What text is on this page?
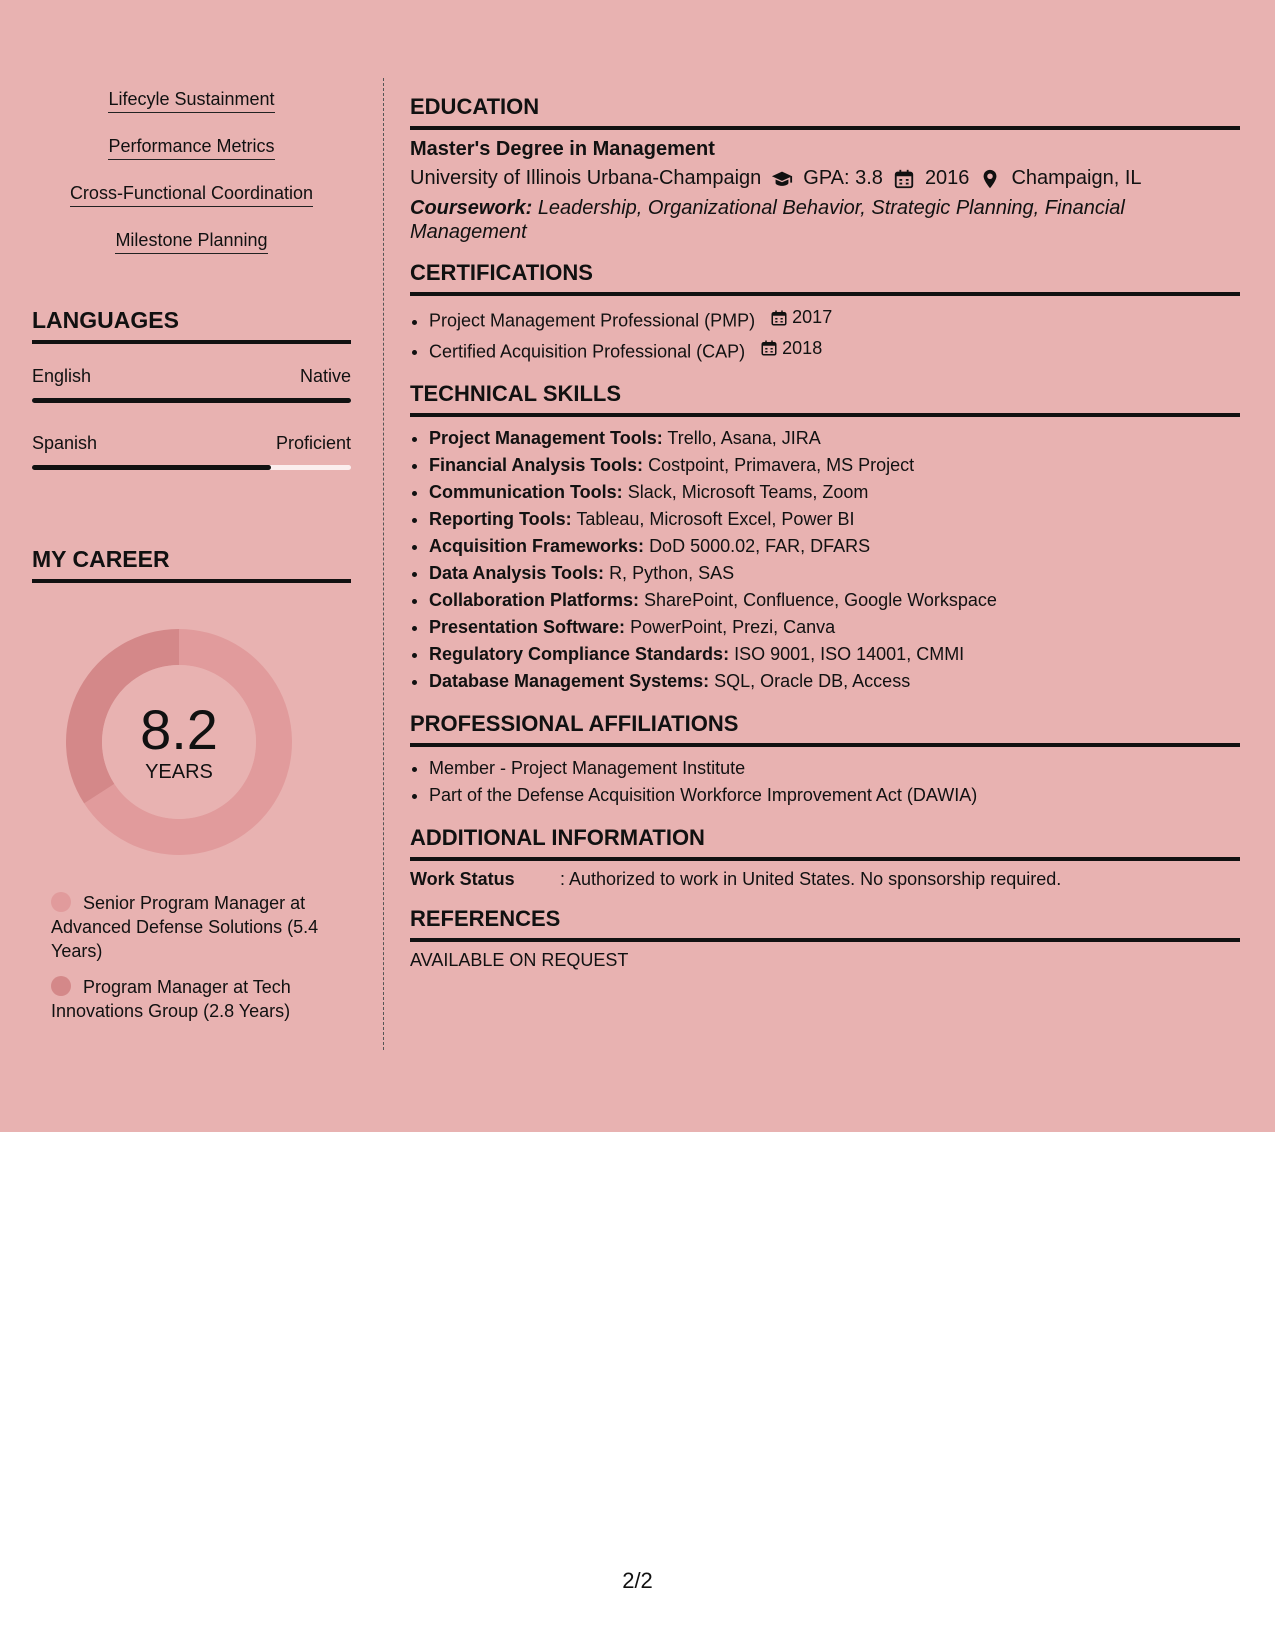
Lifecyle Sustainment
Performance Metrics
Cross-Functional Coordination
Milestone Planning
LANGUAGES
English	Native
Spanish	Proficient
MY CAREER
8.2
YEARS
Senior Program Manager at Advanced Defense Solutions (5.4 Years)
Program Manager at Tech Innovations Group (2.8 Years)
EDUCATION
Master's Degree in Management
University of Illinois Urbana-Champaign GPA: 3.8 2016 Champaign, IL
Coursework: Leadership, Organizational Behavior, Strategic Planning, Financial Management
CERTIFICATIONS
• Project Management Professional (PMP) 2017
• Certified Acquisition Professional (CAP) 2018
TECHNICAL SKILLS
• Project Management Tools: Trello, Asana, JIRA
• Financial Analysis Tools: Costpoint, Primavera, MS Project
• Communication Tools: Slack, Microsoft Teams, Zoom
• Reporting Tools: Tableau, Microsoft Excel, Power BI
• Acquisition Frameworks: DoD 5000.02, FAR, DFARS
• Data Analysis Tools: R, Python, SAS
• Collaboration Platforms: SharePoint, Confluence, Google Workspace
• Presentation Software: PowerPoint, Prezi, Canva
• Regulatory Compliance Standards: ISO 9001, ISO 14001, CMMI
• Database Management Systems: SQL, Oracle DB, Access
PROFESSIONAL AFFILIATIONS
• Member - Project Management Institute
• Part of the Defense Acquisition Workforce Improvement Act (DAWIA)
ADDITIONAL INFORMATION
Work Status	: Authorized to work in United States. No sponsorship required.
REFERENCES
AVAILABLE ON REQUEST
2/2
